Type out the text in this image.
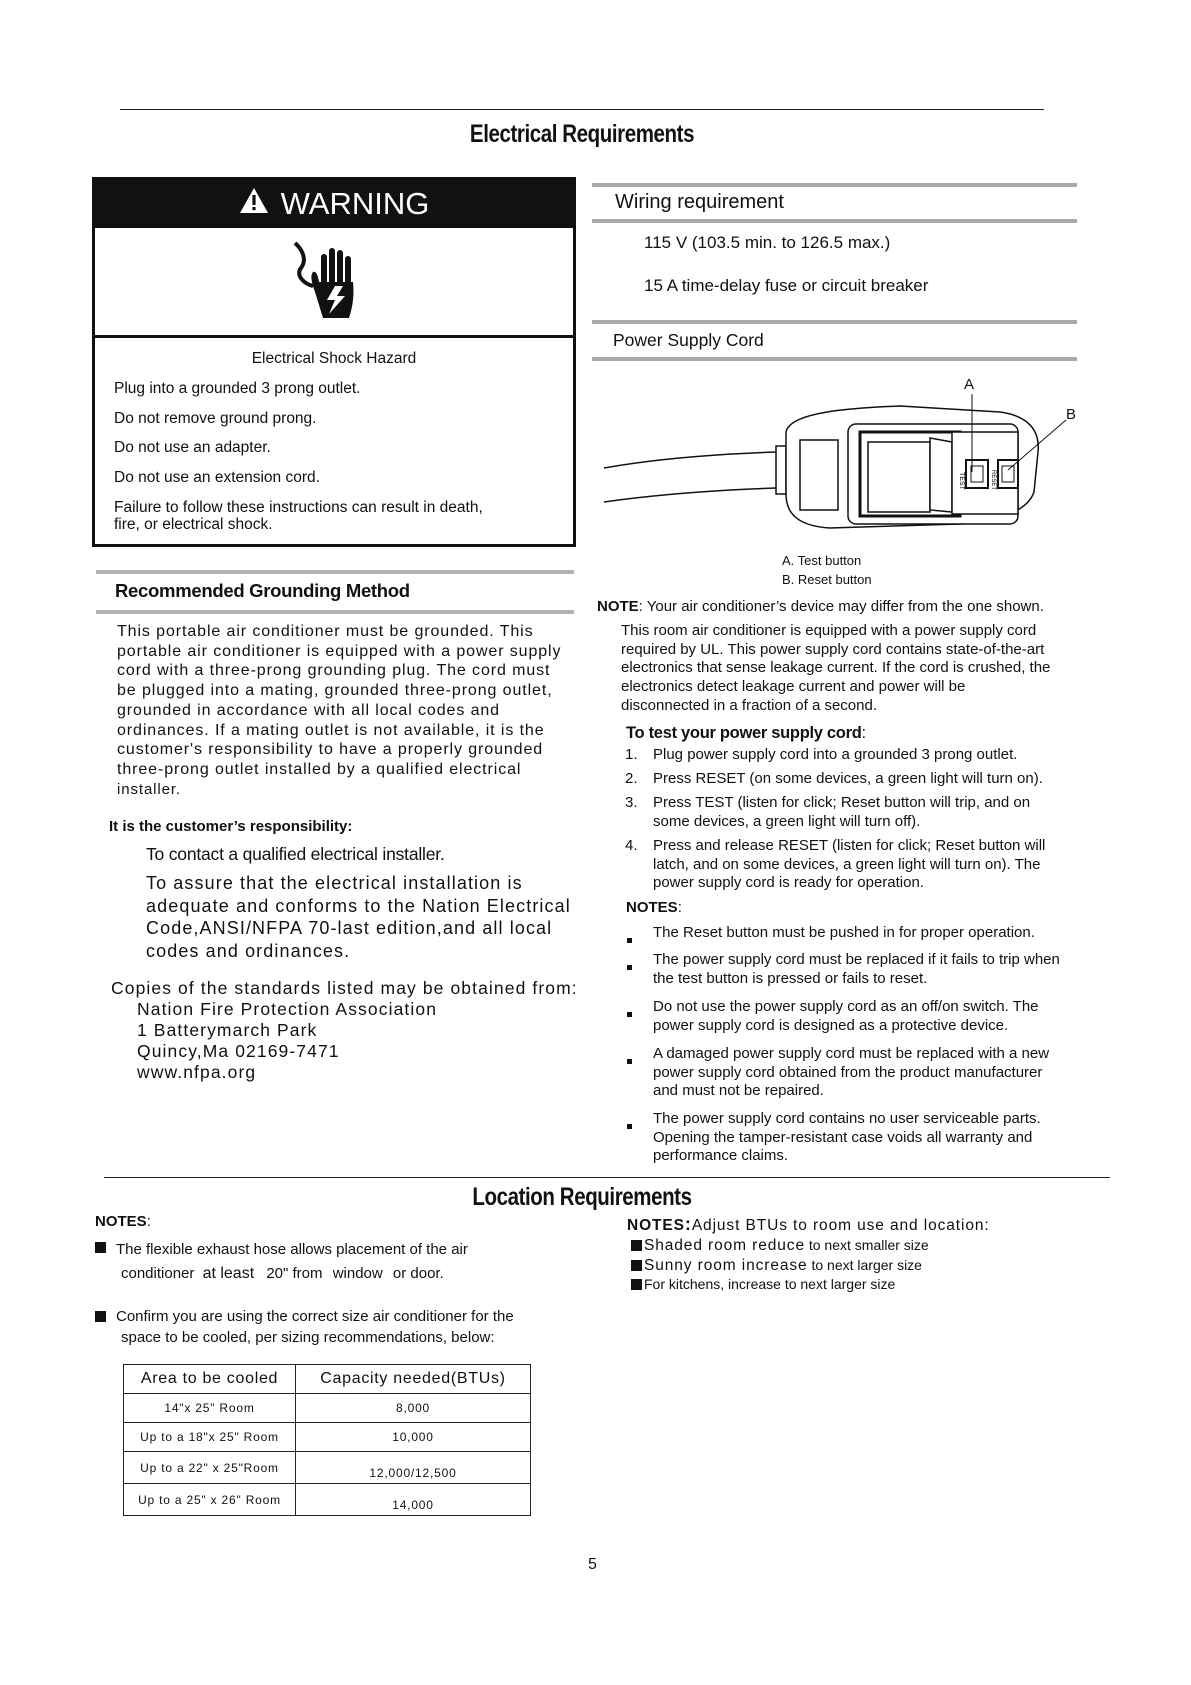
Electrical Requirements
WARNING
Electrical Shock Hazard
Plug into a grounded 3 prong outlet.
Do not remove ground prong.
Do not use an adapter.
Do not use an extension cord.
Failure to follow these instructions can result in death,
fire, or electrical shock.
Recommended Grounding Method
This portable air conditioner must be grounded. This
portable air conditioner is equipped with a power supply
cord with a three-prong grounding plug. The cord must
be plugged into a mating, grounded three-prong outlet,
grounded in accordance with all local codes and
ordinances. If a mating outlet is not available, it is the
customer's responsibility to have a properly grounded
three-prong outlet installed by a qualified electrical
installer.
It is the customer’s responsibility:
To contact a qualified electrical installer.
To assure that the electrical installation is
adequate and conforms to the Nation Electrical
Code,ANSI/NFPA 70-last edition,and all local
codes and ordinances.
Copies of the standards listed may be obtained from:
Nation Fire Protection Association
1 Batterymarch Park
Quincy,Ma 02169-7471
www.nfpa.org
Wiring requirement
115 V (103.5 min. to 126.5 max.)
15 A time-delay fuse or circuit breaker
Power Supply Cord
TEST	RESET
A
B
A. Test button
B. Reset button
NOTE: Your air conditioner’s device may differ from the one shown.
This room air conditioner is equipped with a power supply cord
required by UL. This power supply cord contains state-of-the-art
electronics that sense leakage current. If the cord is crushed, the
electronics detect leakage current and power will be
disconnected in a fraction of a second.
To test your power supply cord:
1. Plug power supply cord into a grounded 3 prong outlet.
2. Press RESET (on some devices, a green light will turn on).
3. Press TEST (listen for click; Reset button will trip, and on
some devices, a green light will turn off).
4. Press and release RESET (listen for click; Reset button will
latch, and on some devices, a green light will turn on). The
power supply cord is ready for operation.
NOTES:
The Reset button must be pushed in for proper operation.
The power supply cord must be replaced if it fails to trip when
the test button is pressed or fails to reset.
Do not use the power supply cord as an off/on switch. The
power supply cord is designed as a protective device.
A damaged power supply cord must be replaced with a new
power supply cord obtained from the product manufacturer
and must not be repaired.
The power supply cord contains no user serviceable parts.
Opening the tamper-resistant case voids all warranty and
performance claims.
Location Requirements
NOTES:
The flexible exhaust hose allows placement of the air
conditioner at least 20" from window or door.
Confirm you are using the correct size air conditioner for the
space to be cooled, per sizing recommendations, below:
Area to be cooled	Capacity needed(BTUs)
14"x 25" Room	8,000
Up to a 18"x 25" Room	10,000
Up to a 22" x 25"Room	12,000/12,500
Up to a 25" x 26" Room	14,000
NOTES:Adjust BTUs to room use and location:
Shaded room reduce to next smaller size
Sunny room increase to next larger size
For kitchens, increase to next larger size
5
